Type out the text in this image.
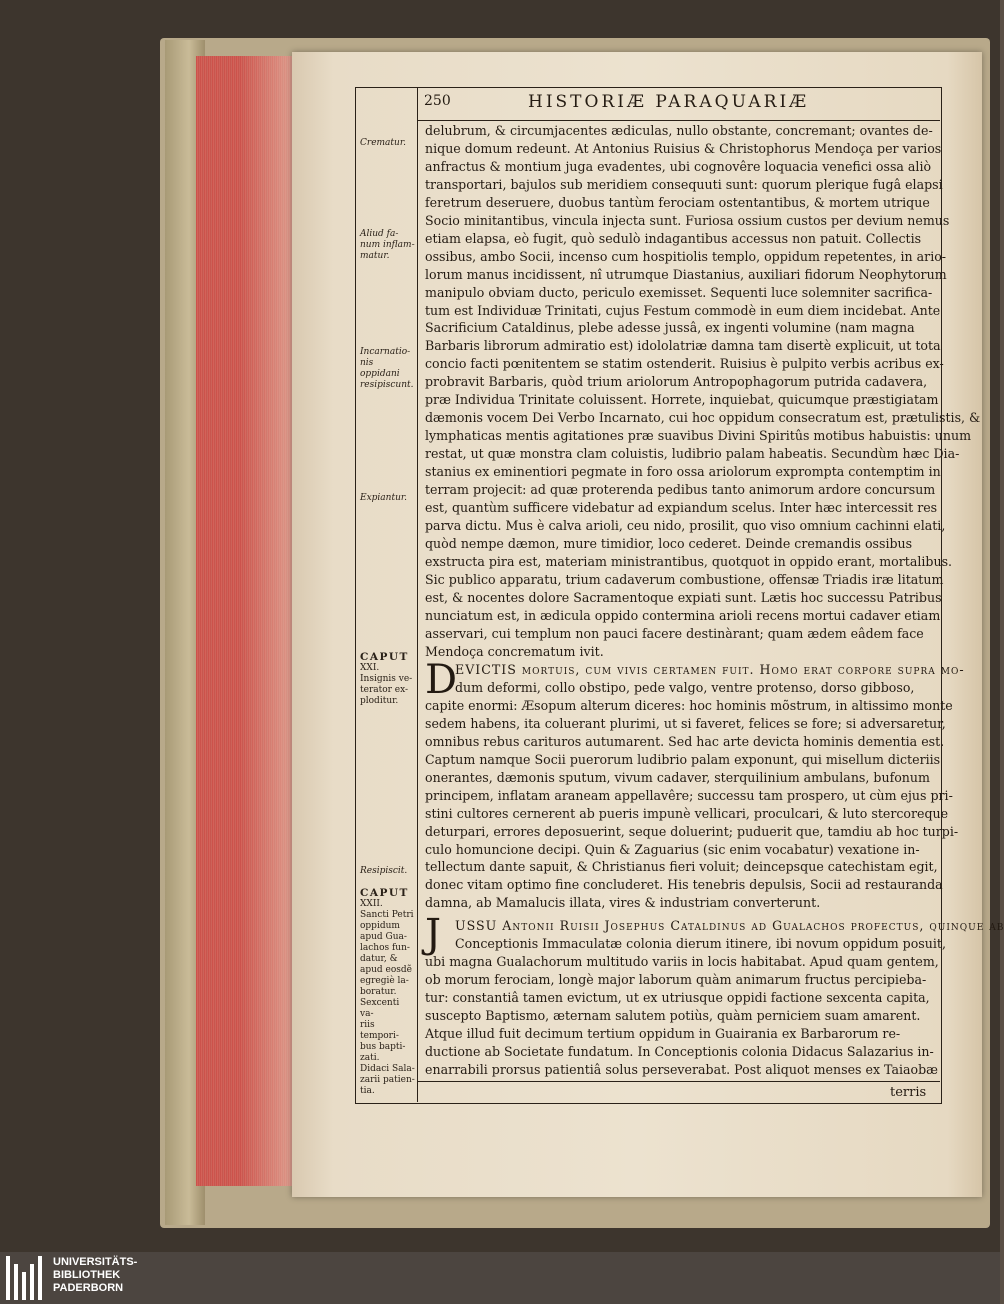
250	HISTORIÆ PARAQUARIÆ
delubrum, & circumjacentes ædiculas, nullo obstante, concremant; ovantes de-
nique domum redeunt. At Antonius Ruisius & Christophorus Mendoça per varios
anfractus & montium juga evadentes, ubi cognovêre loquacia venefici ossa aliò
transportari, bajulos sub meridiem consequuti sunt: quorum plerique fugâ elapsi
feretrum deseruere, duobus tantùm ferociam ostentantibus, & mortem utrique
Socio minitantibus, vincula injecta sunt. Furiosa ossium custos per devium nemus
etiam elapsa, eò fugit, quò sedulò indagantibus accessus non patuit. Collectis
ossibus, ambo Socii, incenso cum hospitiolis templo, oppidum repetentes, in ario-
lorum manus incidissent, nî utrumque Diastanius, auxiliari fidorum Neophytorum
manipulo obviam ducto, periculo exemisset. Sequenti luce solemniter sacrifica-
tum est Individuæ Trinitati, cujus Festum commodè in eum diem incidebat. Ante
Sacrificium Cataldinus, plebe adesse jussâ, ex ingenti volumine (nam magna
Barbaris librorum admiratio est) idololatriæ damna tam disertè explicuit, ut tota
concio facti pœnitentem se statim ostenderit. Ruisius è pulpito verbis acribus ex-
probravit Barbaris, quòd trium ariolorum Antropophagorum putrida cadavera,
præ Individua Trinitate coluissent. Horrete, inquiebat, quicumque præstigiatam
dæmonis vocem Dei Verbo Incarnato, cui hoc oppidum consecratum est, prætulistis, &
lymphaticas mentis agitationes præ suavibus Divini Spiritûs motibus habuistis: unum
restat, ut quæ monstra clam coluistis, ludibrio palam habeatis. Secundùm hæc Dia-
stanius ex eminentiori pegmate in foro ossa ariolorum exprompta contemptim in
terram projecit: ad quæ proterenda pedibus tanto animorum ardore concursum
est, quantùm sufficere videbatur ad expiandum scelus. Inter hæc intercessit res
parva dictu. Mus è calva arioli, ceu nido, prosilit, quo viso omnium cachinni elati,
quòd nempe dæmon, mure timidior, loco cederet. Deinde cremandis ossibus
exstructa pira est, materiam ministrantibus, quotquot in oppido erant, mortalibus.
Sic publico apparatu, trium cadaverum combustione, offensæ Triadis iræ litatum
est, & nocentes dolore Sacramentoque expiati sunt. Lætis hoc successu Patribus
nunciatum est, in ædicula oppido contermina arioli recens mortui cadaver etiam
asservari, cui templum non pauci facere destinàrant; quam ædem eâdem face
Mendoça concrematum ivit.
D
EVICTIS mortuis, cum vivis certamen fuit. Homo erat corpore supra mo-
dum deformi, collo obstipo, pede valgo, ventre protenso, dorso gibboso,
capite enormi: Æsopum alterum diceres: hoc hominis mõstrum, in altissimo monte
sedem habens, ita coluerant plurimi, ut si faveret, felices se fore; si adversaretur,
omnibus rebus carituros autumarent. Sed hac arte devicta hominis dementia est.
Captum namque Socii puerorum ludibrio palam exponunt, qui misellum dicteriis
onerantes, dæmonis sputum, vivum cadaver, sterquilinium ambulans, bufonum
principem, inflatam araneam appellavêre; successu tam prospero, ut cùm ejus pri-
stini cultores cernerent ab pueris impunè vellicari, proculcari, & luto stercoreque
deturpari, errores deposuerint, seque doluerint; puduerit que, tamdiu ab hoc turpi-
culo homuncione decipi. Quin & Zaguarius (sic enim vocabatur) vexatione in-
tellectum dante sapuit, & Christianus fieri voluit; deincepsque catechistam egit,
donec vitam optimo fine concluderet. His tenebris depulsis, Socii ad restauranda
damna, ab Mamalucis illata, vires & industriam converterunt.
J	USSU Antonii Ruisii Josephus Cataldinus ad Gualachos profectus, quinque ab
Conceptionis Immaculatæ colonia dierum itinere, ibi novum oppidum posuit,
ubi magna Gualachorum multitudo variis in locis habitabat. Apud quam gentem,
ob morum ferociam, longè major laborum quàm animarum fructus percipieba-
tur: constantiâ tamen evictum, ut ex utriusque oppidi factione sexcenta capita,
suscepto Baptismo, æternam salutem potiùs, quàm perniciem suam amarent.
Atque illud fuit decimum tertium oppidum in Guairania ex Barbarorum re-
ductione ab Societate fundatum. In Conceptionis colonia Didacus Salazarius in-
enarrabili prorsus patientiâ solus perseverabat. Post aliquot menses ex Taiaobæ
Crematur.
Aliud fa-
num inflam-
matur.
Incarnatio-
nis oppidani
resipiscunt.
Expiantur.
CAPUT
XXI.
Insignis ve-
terator ex-
ploditur.
Resipiscit.
CAPUT
XXII.
Sancti Petri
oppidum
apud Gua-
lachos fun-
datur, &
apud eosdẽ
egregiè la-
boratur.
Sexcenti va-
riis tempori-
bus bapti-
zati.
Didaci Sala-
zarii patien-
tia.	terris
UNIVERSITÄTS-
BIBLIOTHEK
PADERBORN
